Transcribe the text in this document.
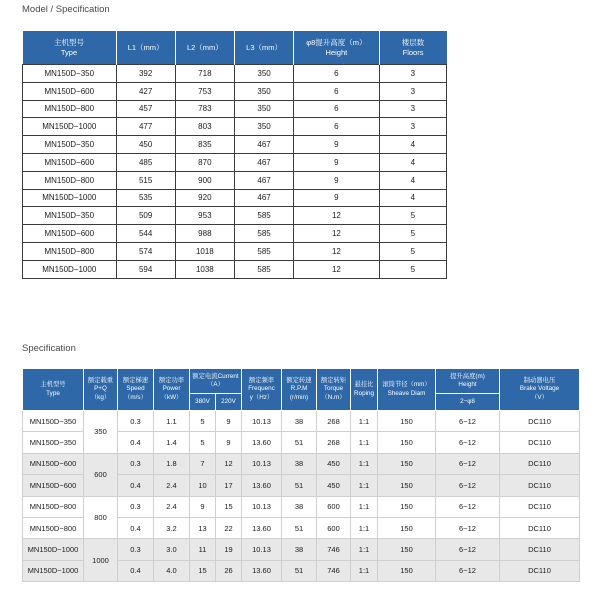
Model / Specification
主机型号
Type	L1（mm）	L2（mm）	L3（mm）	φ8提升高度（m）
Height	楼层数
Floors
MN150D−350	392	718	350	6	3
MN150D−600	427	753	350	6	3
MN150D−800	457	783	350	6	3
MN150D−1000	477	803	350	6	3
MN150D−350	450	835	467	9	4
MN150D−600	485	870	467	9	4
MN150D−800	515	900	467	9	4
MN150D−1000	535	920	467	9	4
MN150D−350	509	953	585	12	5
MN150D−600	544	988	585	12	5
MN150D−800	574	1018	585	12	5
MN150D−1000	594	1038	585	12	5
Specification
主机型号
Type	额定载重
P+Q
（kg）	额定梯速
Speed
（m/s）	额定功率
Power
（kW）	额定电流Current
（A）		额定频率
Frequenc
y（Hz）	额定转速
R.P.M
(r/min)	额定转矩
Torque
（N.m）	悬挂比
Roping	滚筒节径（mm）
Sheave Diam	提升高度(m)
Height	制动器电压
Brake Voltage
（V）
				380V	220V						2−φ8	
MN150D−350	350	0.3	1.1	5	9	10.13	38	268	1:1	150	6~12	DC110
MN150D−350		0.4	1.4	5	9	13.60	51	268	1:1	150	6~12	DC110
MN150D−600	600	0.3	1.8	7	12	10.13	38	450	1:1	150	6~12	DC110
MN150D−600		0.4	2.4	10	17	13.60	51	450	1:1	150	6~12	DC110
MN150D−800	800	0.3	2.4	9	15	10.13	38	600	1:1	150	6~12	DC110
MN150D−800		0.4	3.2	13	22	13.60	51	600	1:1	150	6~12	DC110
MN150D−1000	1000	0.3	3.0	11	19	10.13	38	746	1:1	150	6~12	DC110
MN150D−1000		0.4	4.0	15	26	13.60	51	746	1:1	150	6~12	DC110
